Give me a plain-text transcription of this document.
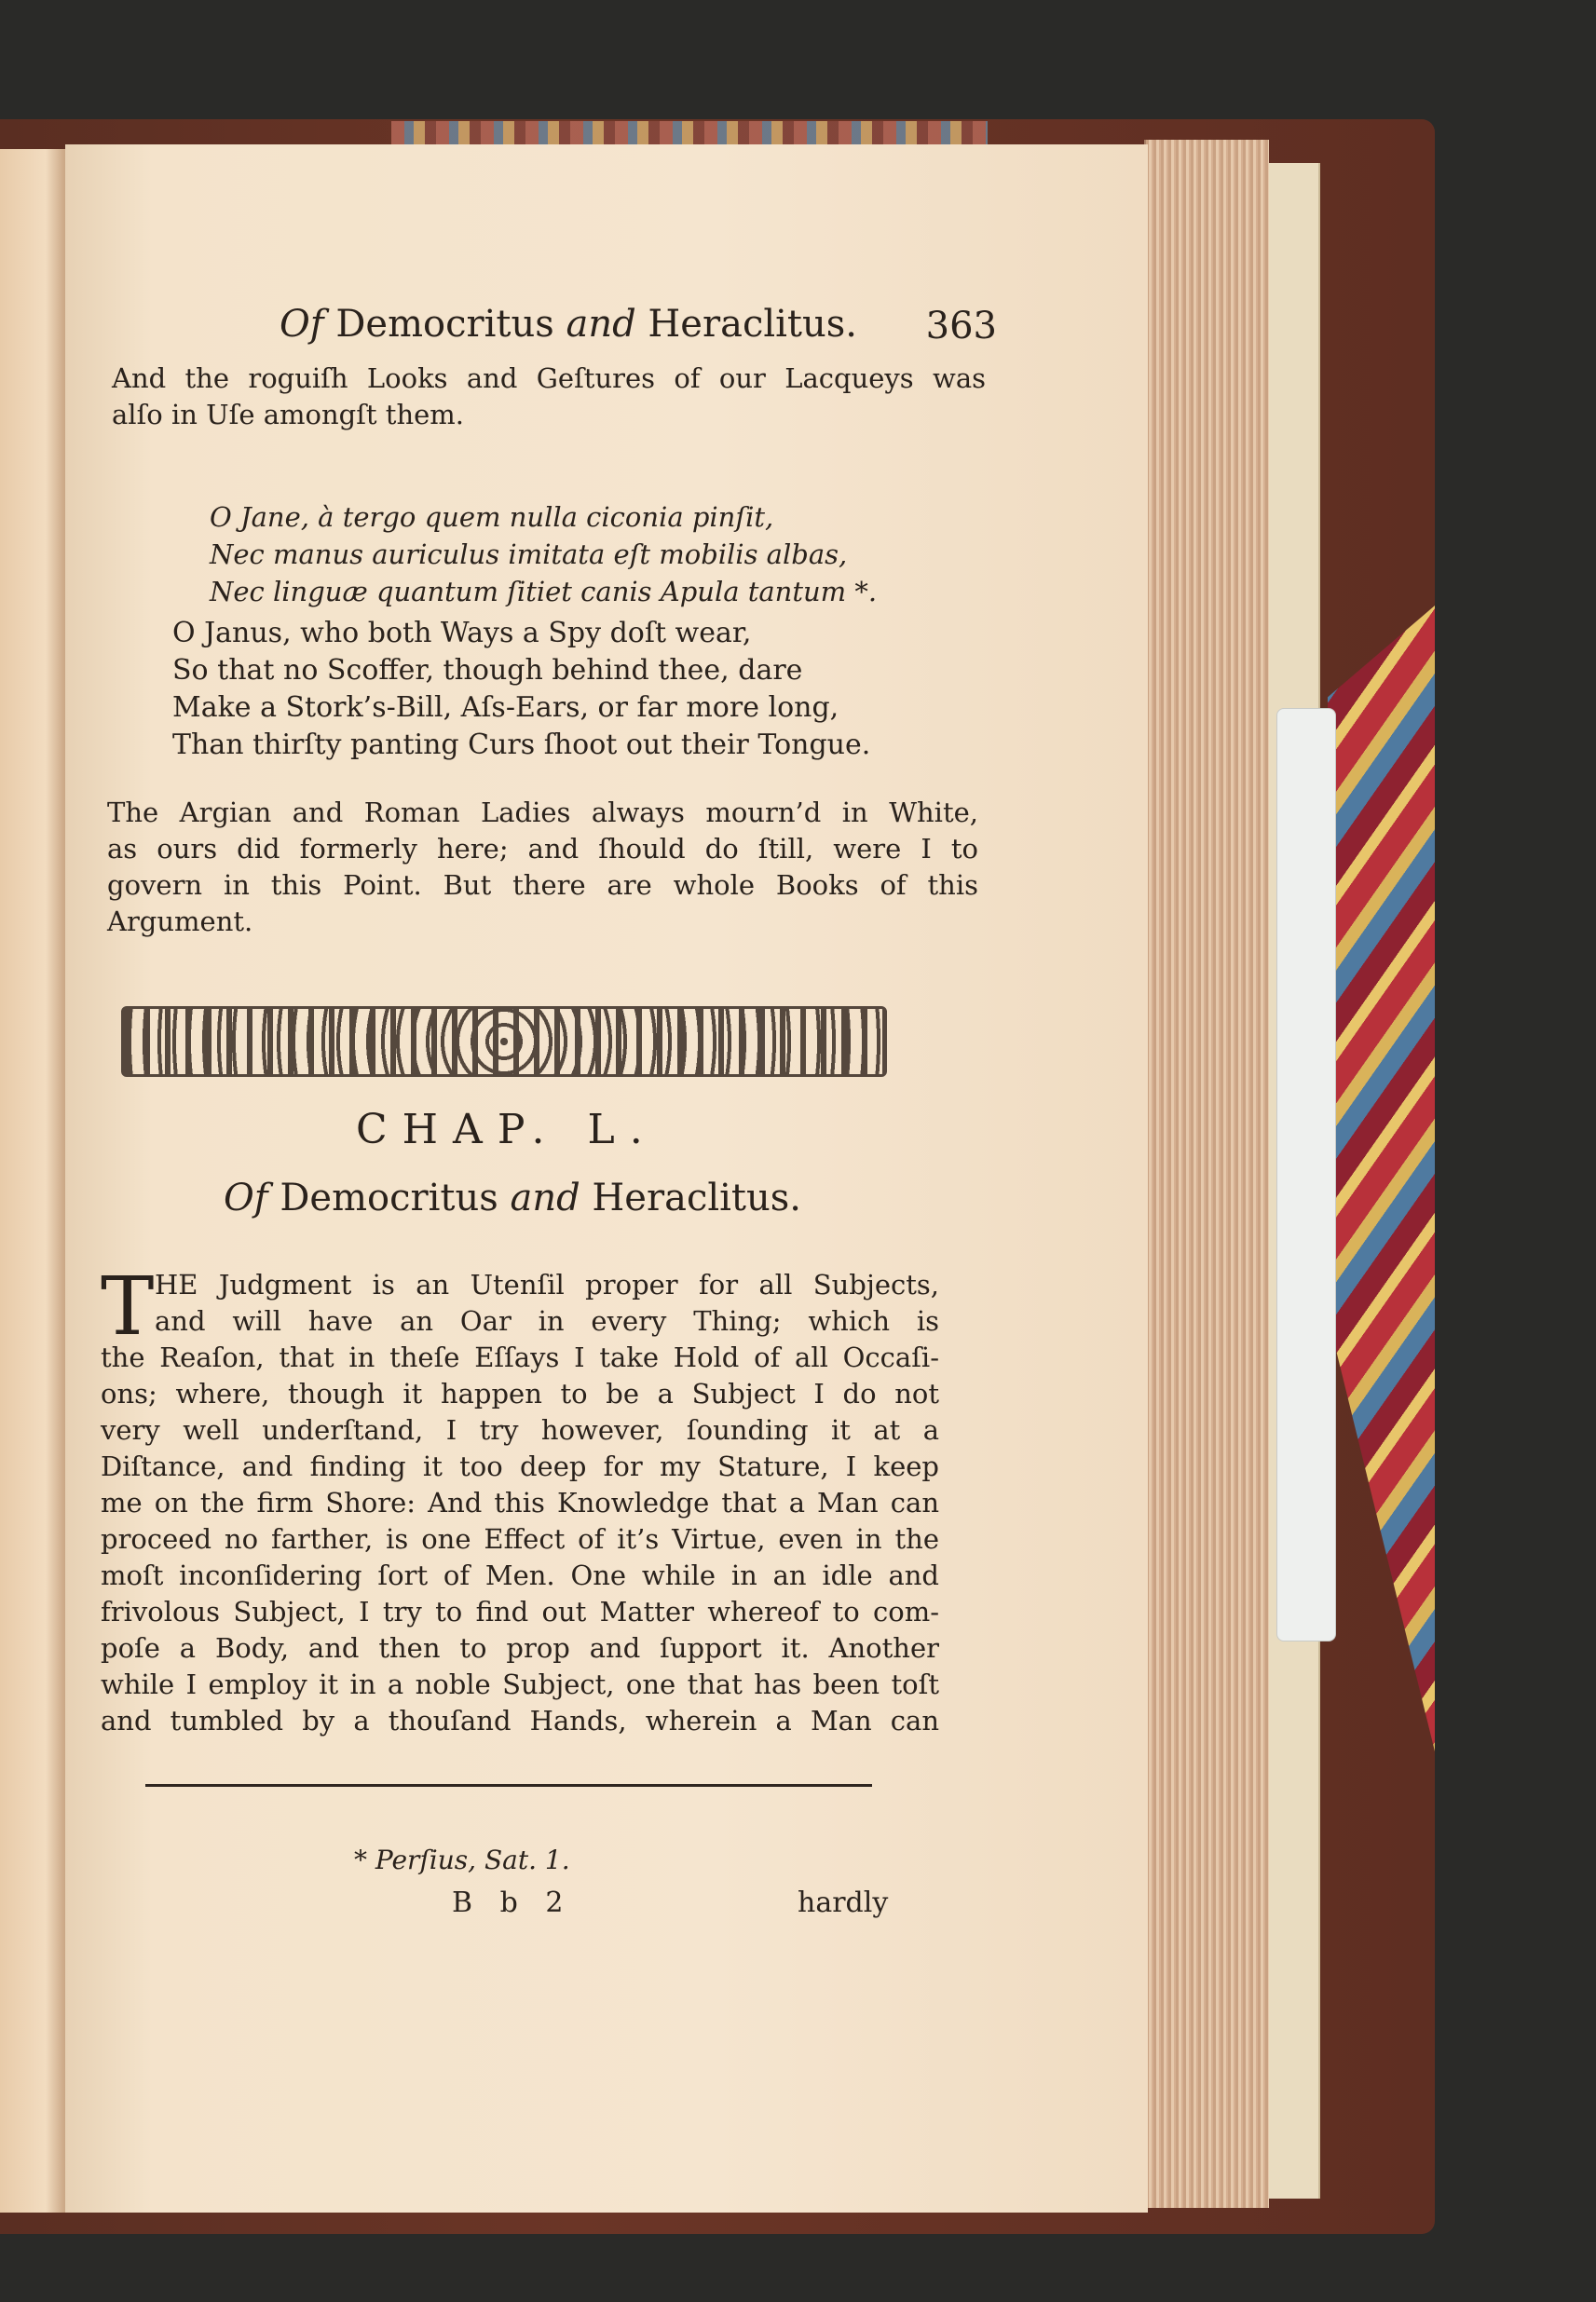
Of Democritus and Heraclitus. 363
And the roguiſh Looks and Geſtures of our Lacqueys was
alſo in Uſe amongſt them.
O Jane, à tergo quem nulla ciconia pinſit,
Nec manus auriculus imitata eſt mobilis albas,
Nec linguæ quantum ſitiet canis Apula tantum *.
O Janus, who both Ways a Spy doſt wear,
So that no Scoffer, though behind thee, dare
Make a Stork’s-Bill, Aſs-Ears, or far more long,
Than thirſty panting Curs ſhoot out their Tongue.
The Argian and Roman Ladies always mourn’d in White,
as ours did formerly here; and ſhould do ſtill, were I to
govern in this Point. But there are whole Books of this
Argument.
CHAP. L.
Of Democritus and Heraclitus.
T HE Judgment is an Utenſil proper for all Subjects,
and will have an Oar in every Thing; which is
the Reaſon, that in theſe Eſſays I take Hold of all Occaſi-
ons; where, though it happen to be a Subject I do not
very well underſtand, I try however, ſounding it at a
Diſtance, and finding it too deep for my Stature, I keep
me on the firm Shore: And this Knowledge that a Man can
proceed no farther, is one Effect of it’s Virtue, even in the
moſt inconſidering ſort of Men. One while in an idle and
frivolous Subject, I try to find out Matter whereof to com-
poſe a Body, and then to prop and ſupport it. Another
while I employ it in a noble Subject, one that has been toſt
and tumbled by a thouſand Hands, wherein a Man can
* Perſius, Sat. 1.
B b 2	hardly
